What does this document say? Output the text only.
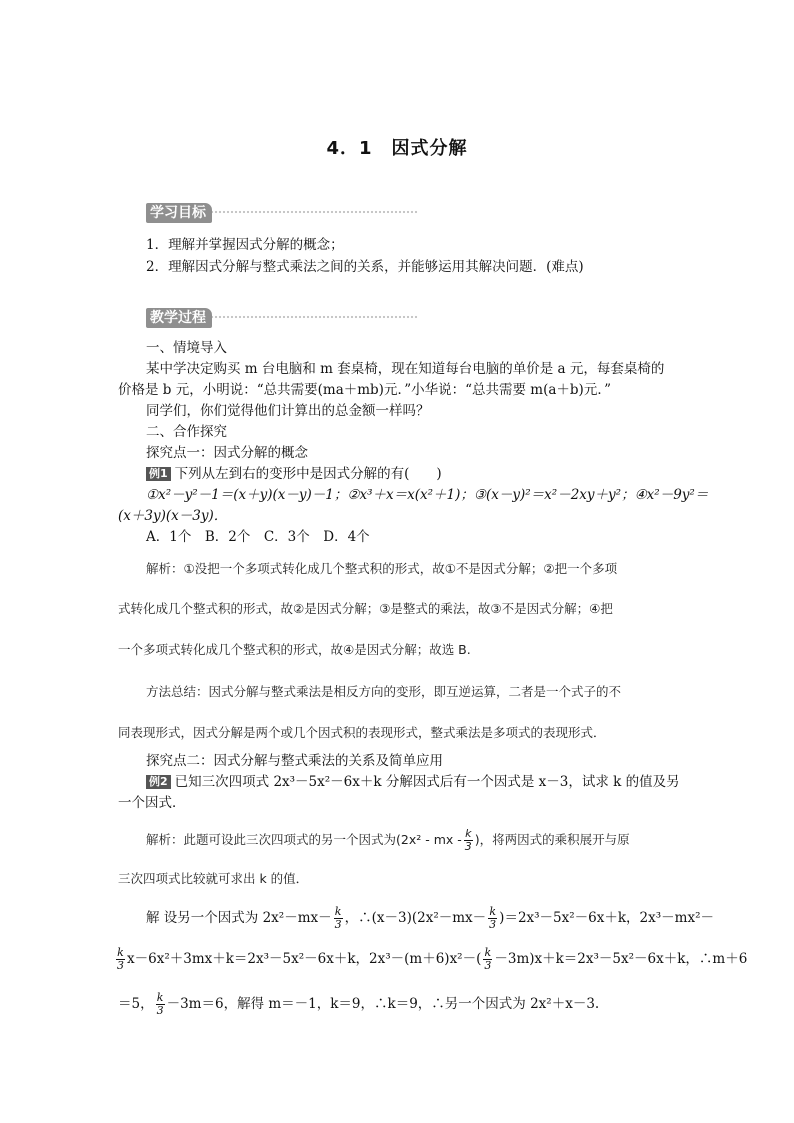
4．1　因式分解
学习目标
1．理解并掌握因式分解的概念；
2．理解因式分解与整式乘法之间的关系，并能够运用其解决问题．(难点)
教学过程
一、情境导入
某中学决定购买 m 台电脑和 m 套桌椅，现在知道每台电脑的单价是 a 元，每套桌椅的
价格是 b 元，小明说：“总共需要(ma＋mb)元．”小华说：“总共需要 m(a＋b)元．”
同学们，你们觉得他们计算出的总金额一样吗？
二、合作探究
探究点一：因式分解的概念
例1 下列从左到右的变形中是因式分解的有(　　)
①x²－y²－1＝(x＋y)(x－y)－1；②x³＋x＝x(x²＋1)；③(x－y)²＝x²－2xy＋y²；④x²－9y²＝
(x＋3y)(x－3y)．
A．1个　B．2个　C．3个　D．4个
解析：①没把一个多项式转化成几个整式积的形式，故①不是因式分解；②把一个多项
式转化成几个整式积的形式，故②是因式分解；③是整式的乘法，故③不是因式分解；④把
一个多项式转化成几个整式积的形式，故④是因式分解；故选 B.
方法总结：因式分解与整式乘法是相反方向的变形，即互逆运算，二者是一个式子的不
同表现形式，因式分解是两个或几个因式积的表现形式，整式乘法是多项式的表现形式．
探究点二：因式分解与整式乘法的关系及简单应用
例2 已知三次四项式 2x³－5x²－6x＋k 分解因式后有一个因式是 x－3，试求 k 的值及另
一个因式．
解析：此题可设此三次四项式的另一个因式为(2x² - mx - $\frac{k}{3}$ )，将两因式的乘积展开与原
三次四项式比较就可求出 k 的值．
解 设另一个因式为 $2x^2-mx- \frac{k}{3}$ ，∴(x－3)(2x²－mx－ $\frac{k}{3} )=2x^3-5x^2-6x+k$，2x³－mx²－
$\frac{k}{3} x-6x^2+3mx+k=2x^3-5x^2-6x+k$，$2x^3-(m+6)x^2-( \frac{k}{3} -3m)x+k=2x^3-5x^2-6x+k$，∴m＋6
＝5， $\frac{k}{3} -3m=6$，解得 m＝－1，k＝9，∴k＝9，∴另一个因式为 2x²＋x－3.
